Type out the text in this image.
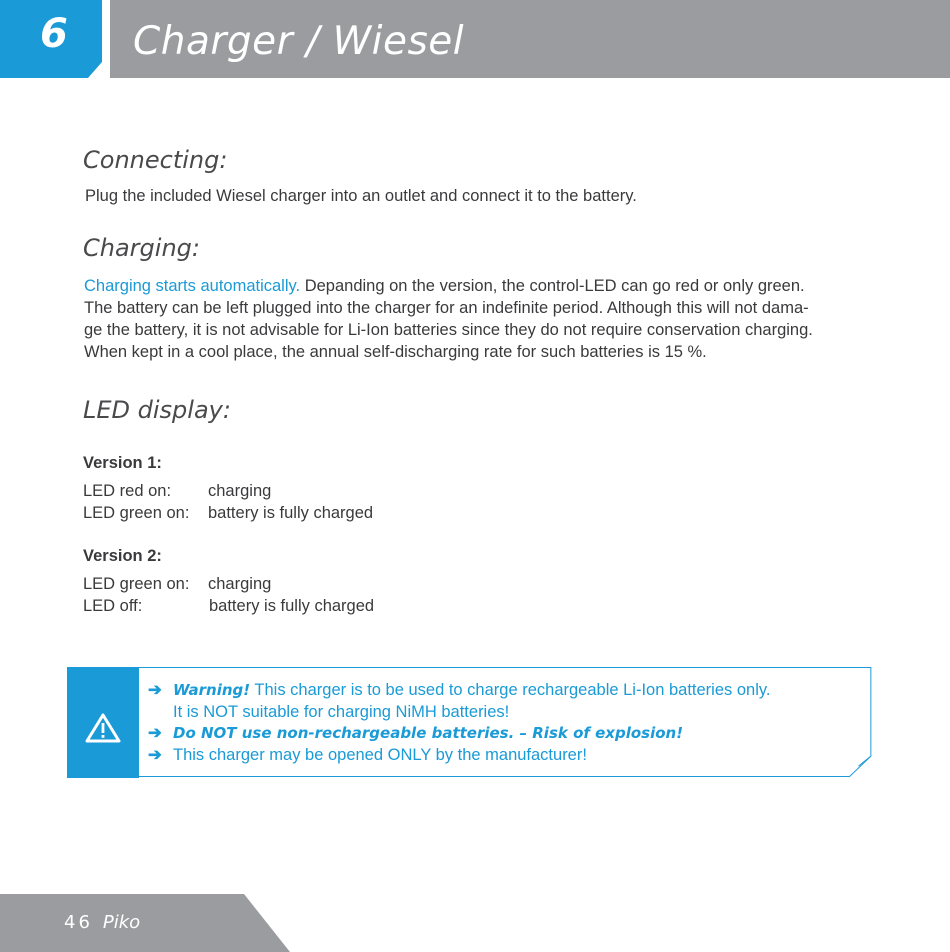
6 Charger / Wiesel
Connecting:

Plug the included Wiesel charger into an outlet and connect it to the battery.

Charging:
Charging starts automatically. Depanding on the version, the control-LED can go red or only green.
The battery can be left plugged into the charger for an indefinite period. Although this will not dama-
ge the battery, it is not advisable for Li-Ion batteries since they do not require conservation charging.
When kept in a cool place, the annual self-discharging rate for such batteries is 15 %.
LED display:
Version 1:
LED red on: charging
LED green on: battery is fully charged
Version 2:
LED green on: charging
LED off:	battery is fully charged
➔ Warning! This charger is to be used to charge rechargeable Li-Ion batteries only.
It is NOT suitable for charging NiMH batteries!
➔ Do NOT use non-rechargeable batteries. – Risk of explosion!
➔ This charger may be opened ONLY by the manufacturer!
46 Piko
